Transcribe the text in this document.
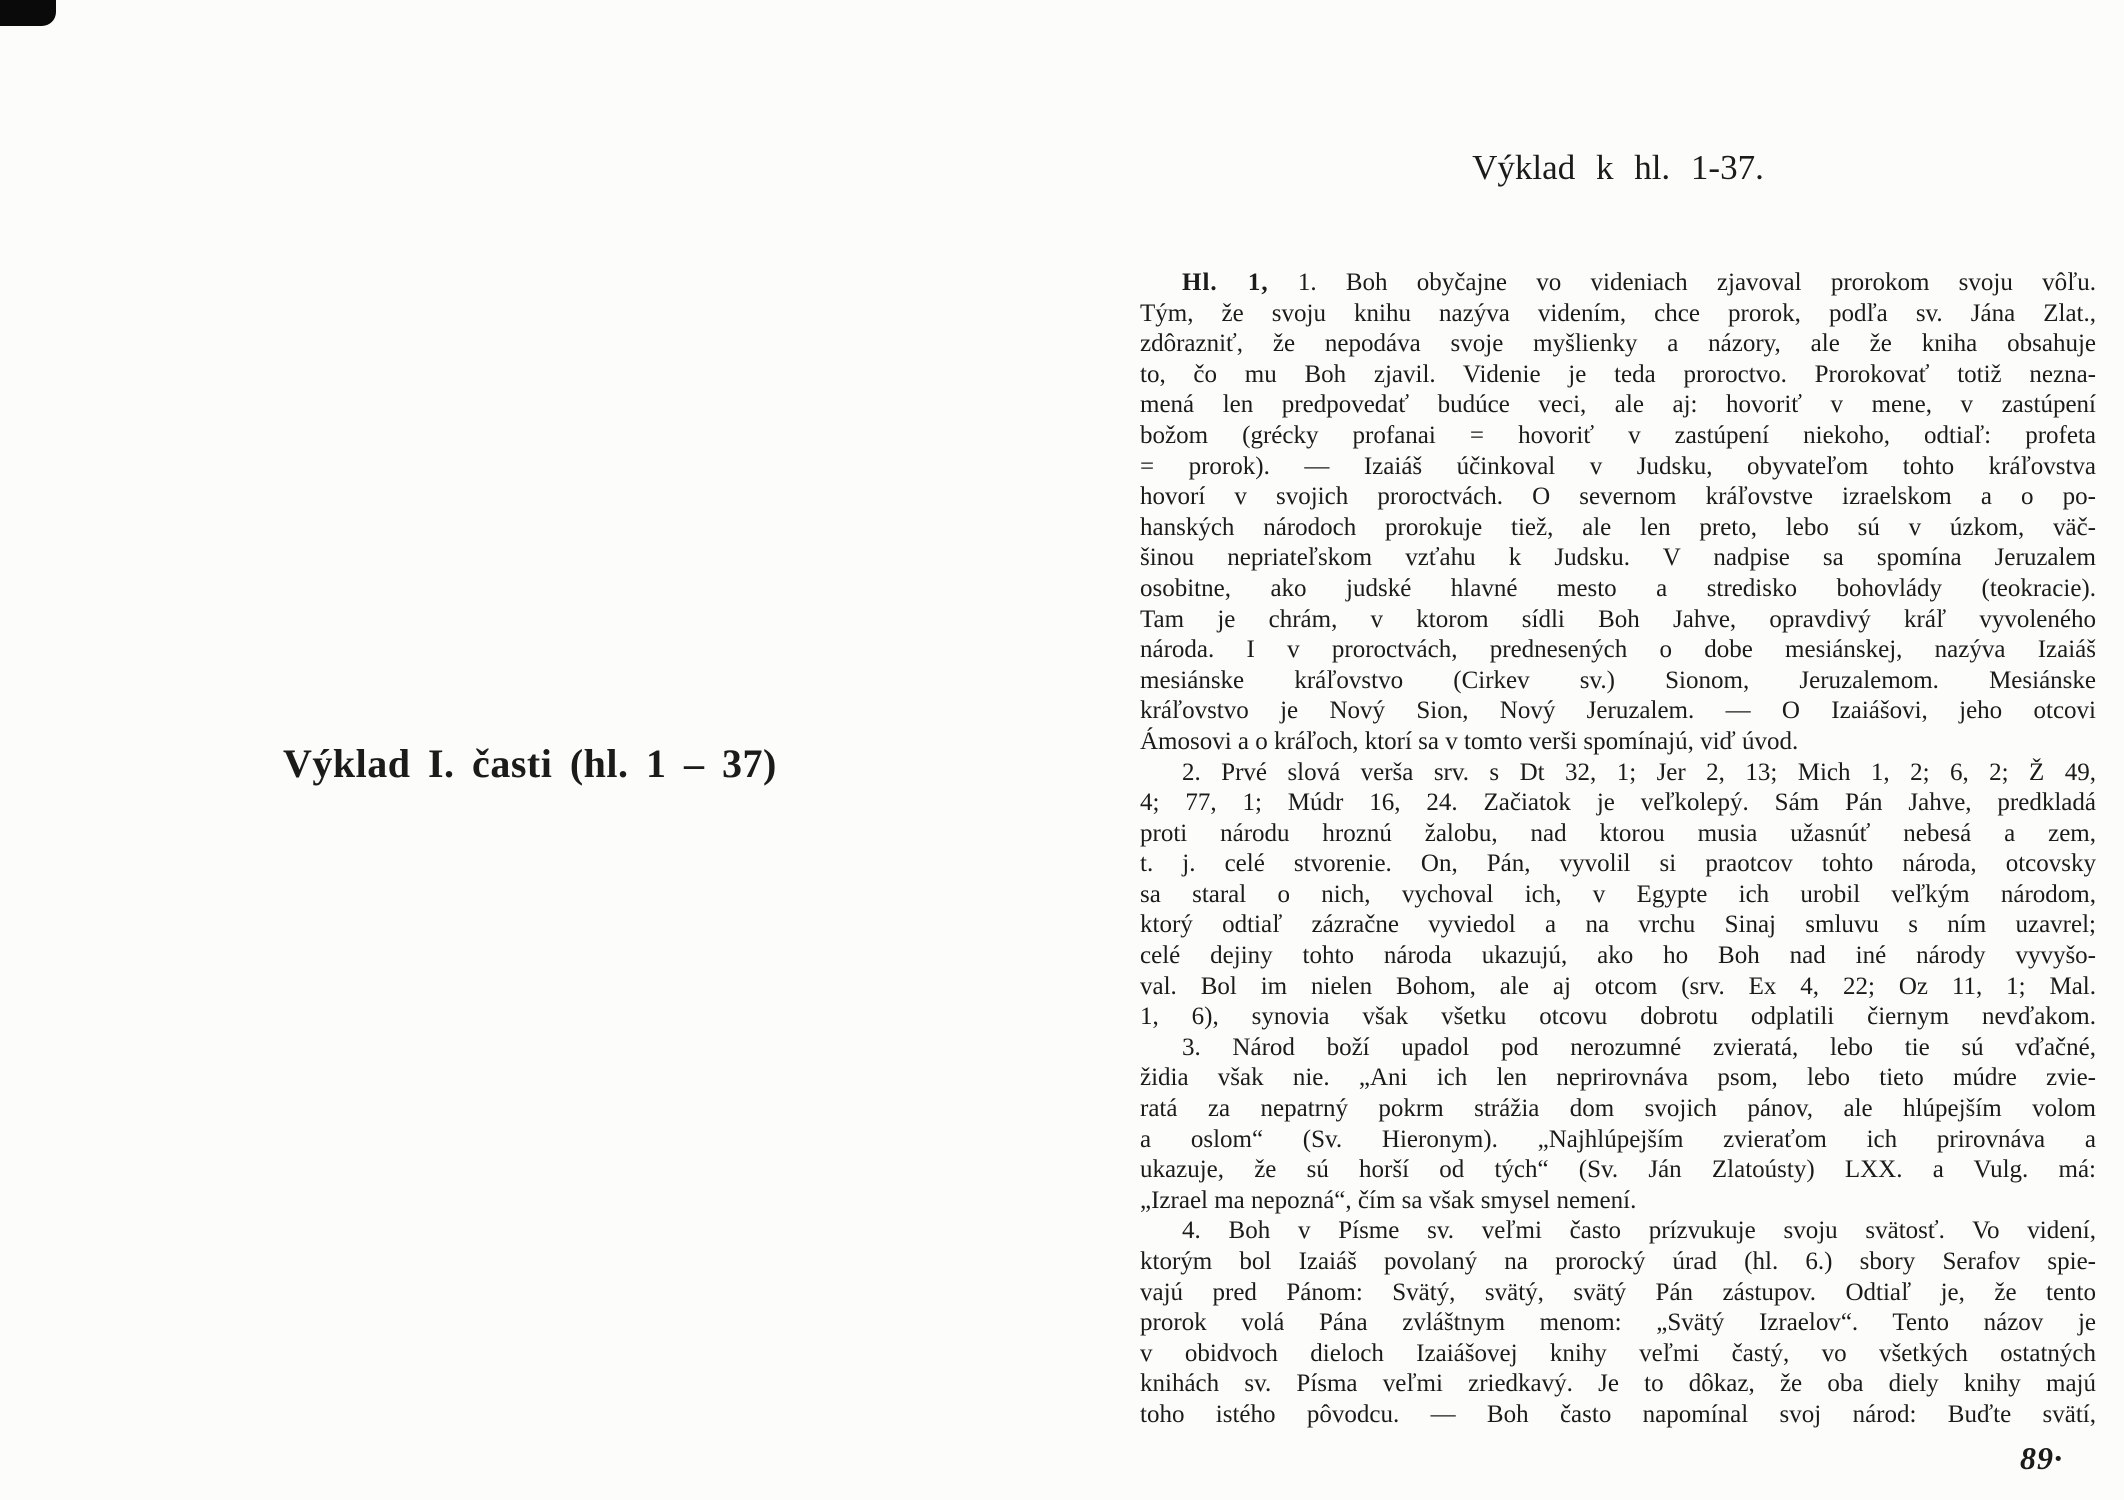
Výklad I. časti (hl. 1 – 37)
Výklad k hl. 1-37.
Hl. 1, 1. Boh obyčajne vo videniach zjavoval prorokom svoju vôľu.
Tým, že svoju knihu nazýva videním, chce prorok, podľa sv. Jána Zlat.,
zdôrazniť, že nepodáva svoje myšlienky a názory, ale že kniha obsahuje
to, čo mu Boh zjavil. Videnie je teda proroctvo. Prorokovať totiž nezna-
mená len predpovedať budúce veci, ale aj: hovoriť v mene, v zastúpení
božom (grécky profanai = hovoriť v zastúpení niekoho, odtiaľ: profeta
= prorok). — Izaiáš účinkoval v Judsku, obyvateľom tohto kráľovstva
hovorí v svojich proroctvách. O severnom kráľovstve izraelskom a o po-
hanských národoch prorokuje tiež, ale len preto, lebo sú v úzkom, väč-
šinou nepriateľskom vzťahu k Judsku. V nadpise sa spomína Jeruzalem
osobitne, ako judské hlavné mesto a stredisko bohovlády (teokracie).
Tam je chrám, v ktorom sídli Boh Jahve, opravdivý kráľ vyvoleného
národa. I v proroctvách, prednesených o dobe mesiánskej, nazýva Izaiáš
mesiánske kráľovstvo (Cirkev sv.) Sionom, Jeruzalemom. Mesiánske
kráľovstvo je Nový Sion, Nový Jeruzalem. — O Izaiášovi, jeho otcovi
Ámosovi a o kráľoch, ktorí sa v tomto verši spomínajú, viď úvod.
2. Prvé slová verša srv. s Dt 32, 1; Jer 2, 13; Mich 1, 2; 6, 2; Ž 49,
4; 77, 1; Múdr 16, 24. Začiatok je veľkolepý. Sám Pán Jahve, predkladá
proti národu hroznú žalobu, nad ktorou musia užasnúť nebesá a zem,
t. j. celé stvorenie. On, Pán, vyvolil si praotcov tohto národa, otcovsky
sa staral o nich, vychoval ich, v Egypte ich urobil veľkým národom,
ktorý odtiaľ zázračne vyviedol a na vrchu Sinaj smluvu s ním uzavrel;
celé dejiny tohto národa ukazujú, ako ho Boh nad iné národy vyvyšo-
val. Bol im nielen Bohom, ale aj otcom (srv. Ex 4, 22; Oz 11, 1; Mal.
1, 6), synovia však všetku otcovu dobrotu odplatili čiernym nevďakom.
3. Národ boží upadol pod nerozumné zvieratá, lebo tie sú vďačné,
židia však nie. „Ani ich len neprirovnáva psom, lebo tieto múdre zvie-
ratá za nepatrný pokrm strážia dom svojich pánov, ale hlúpejším volom
a oslom“ (Sv. Hieronym). „Najhlúpejším zvieraťom ich prirovnáva a
ukazuje, že sú horší od tých“ (Sv. Ján Zlatoústy) LXX. a Vulg. má:
„Izrael ma nepozná“, čím sa však smysel nemení.
4. Boh v Písme sv. veľmi často prízvukuje svoju svätosť. Vo videní,
ktorým bol Izaiáš povolaný na prorocký úrad (hl. 6.) sbory Serafov spie-
vajú pred Pánom: Svätý, svätý, svätý Pán zástupov. Odtiaľ je, že tento
prorok volá Pána zvláštnym menom: „Svätý Izraelov“. Tento názov je
v obidvoch dieloch Izaiášovej knihy veľmi častý, vo všetkých ostatných
knihách sv. Písma veľmi zriedkavý. Je to dôkaz, že oba diely knihy majú
toho istého pôvodcu. — Boh často napomínal svoj národ: Buďte svätí,
89·
